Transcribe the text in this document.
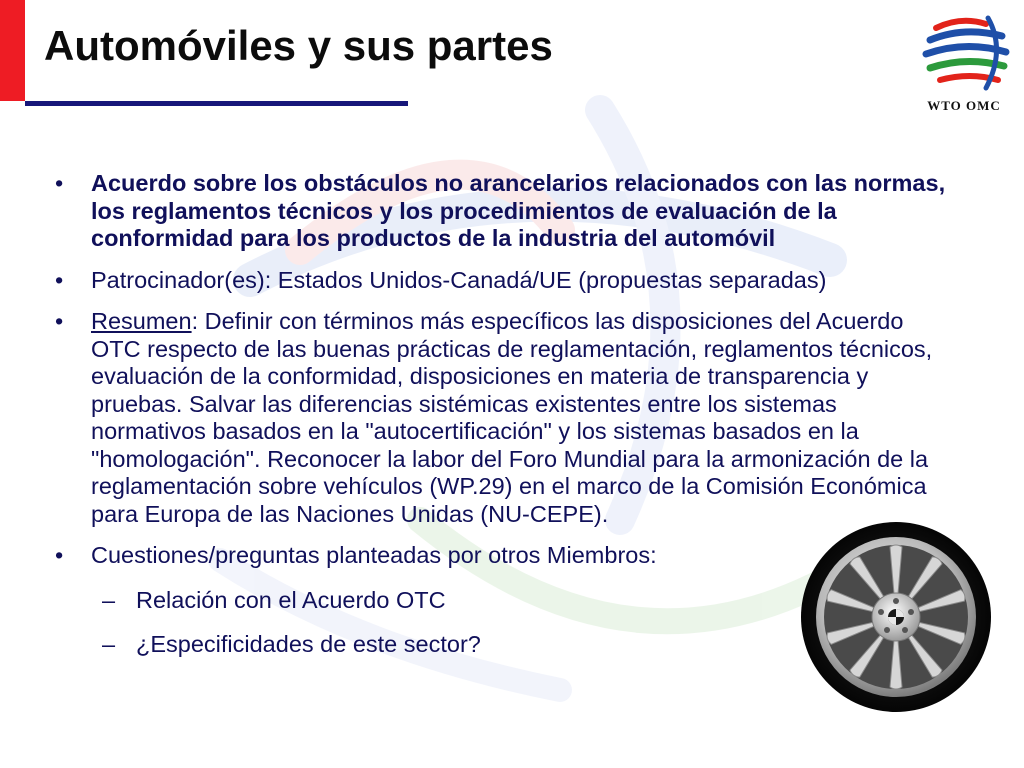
Automóviles y sus partes
WTO OMC
• Acuerdo sobre los obstáculos no arancelarios relacionados con las normas, los reglamentos técnicos y los procedimientos de evaluación de la conformidad para los productos de la industria del automóvil
• Patrocinador(es): Estados Unidos-Canadá/UE (propuestas separadas)
• Resumen: Definir con términos más específicos las disposiciones del Acuerdo OTC respecto de las buenas prácticas de reglamentación, reglamentos técnicos, evaluación de la conformidad, disposiciones en materia de transparencia y pruebas. Salvar las diferencias sistémicas existentes entre los sistemas normativos basados en la "autocertificación" y los sistemas basados en la "homologación". Reconocer la labor del Foro Mundial para la armonización de la reglamentación sobre vehículos (WP.29) en el marco de la Comisión Económica para Europa de las Naciones Unidas (NU-CEPE).
• Cuestiones/preguntas planteadas por otros Miembros:
– Relación con el Acuerdo OTC
– ¿Especificidades de este sector?
